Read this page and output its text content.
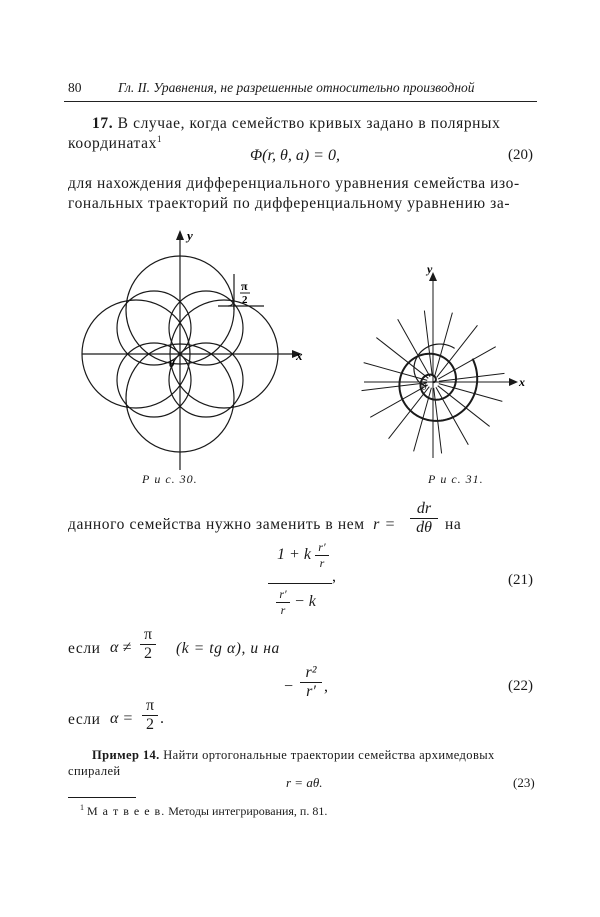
80	Гл. II. Уравнения, не разрешенные относительно производной
17. В случае, когда семейство кривых задано в полярных
координатах$^1$
Φ(r, θ, a) = 0,	(20)
для нахождения дифференциального уравнения семейства изо-
гональных траекторий по дифференциальному уравнению за-
y
x
0
π
2
Р и с. 30.
y
x
0
Р и с. 31.
данного семейства нужно заменить в нем $r = \frac{dr}{d\theta}$ на
1 + k $\frac{r'}{r}$
,
$\frac{r'}{r} - k$
(21)
если $\alpha \ne \frac{\pi}{2} (k$ = tg α), и на
− $\frac{\text{r²}}{r'}$ ,	(22)
если $\alpha = \frac{\pi}{2}$ .
Пример 14. Найти ортогональные траектории семейства архимедовых
спиралей
r = aθ.	(23)
$^1$ М а т в е е в. Методы интегрирования, п. 81.
